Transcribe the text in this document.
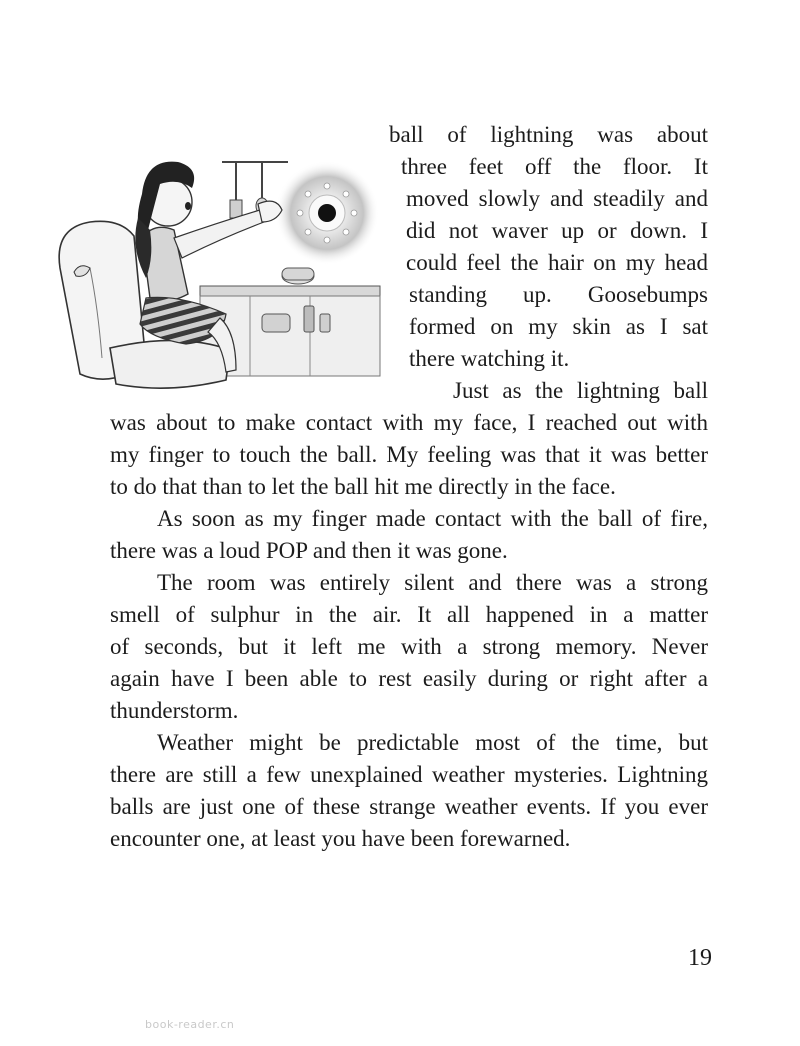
ball of lightning was about
three feet off the floor. It
moved slowly and steadily and
did not waver up or down. I
could feel the hair on my head
standing up. Goosebumps
formed on my skin as I sat
there watching it.
Just as the lightning ball
was about to make contact with my face, I reached out with
my finger to touch the ball. My feeling was that it was better
to do that than to let the ball hit me directly in the face.
As soon as my finger made contact with the ball of fire,
there was a loud POP and then it was gone.
The room was entirely silent and there was a strong
smell of sulphur in the air. It all happened in a matter
of seconds, but it left me with a strong memory. Never
again have I been able to rest easily during or right after a
thunderstorm.
Weather might be predictable most of the time, but
there are still a few unexplained weather mysteries. Lightning
balls are just one of these strange weather events. If you ever
encounter one, at least you have been forewarned.
19
book-reader.cn
